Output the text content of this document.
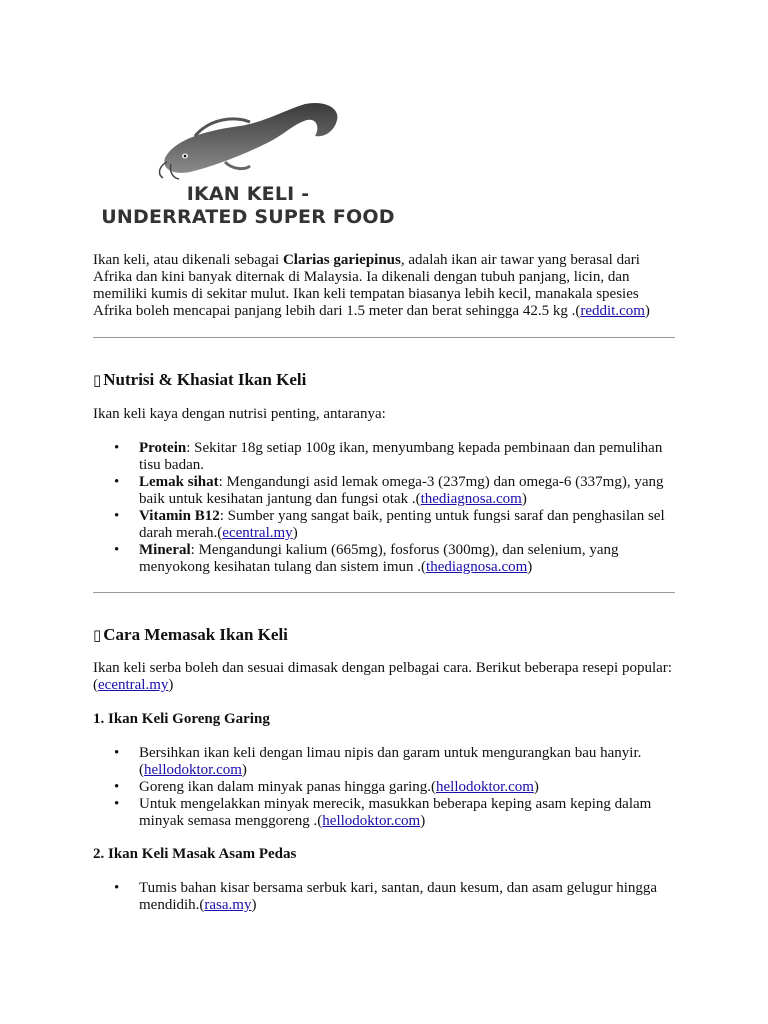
IKAN KELI -
UNDERRATED SUPER FOOD

Ikan keli, atau dikenali sebagai Clarias gariepinus, adalah ikan air tawar yang berasal dari Afrika dan kini banyak diternak di Malaysia. Ia dikenali dengan tubuh panjang, licin, dan memiliki kumis di sekitar mulut. Ikan keli tempatan biasanya lebih kecil, manakala spesies Afrika boleh mencapai panjang lebih dari 1.5 meter dan berat sehingga 42.5 kg .(reddit.com)

▯ Nutrisi & Khasiat Ikan Keli

Ikan keli kaya dengan nutrisi penting, antaranya:

• Protein: Sekitar 18g setiap 100g ikan, menyumbang kepada pembinaan dan pemulihan tisu badan.
• Lemak sihat: Mengandungi asid lemak omega-3 (237mg) dan omega-6 (337mg), yang baik untuk kesihatan jantung dan fungsi otak .(thediagnosa.com)
• Vitamin B12: Sumber yang sangat baik, penting untuk fungsi saraf dan penghasilan sel darah merah.(ecentral.my)
• Mineral: Mengandungi kalium (665mg), fosforus (300mg), dan selenium, yang menyokong kesihatan tulang dan sistem imun .(thediagnosa.com)
▯ Cara Memasak Ikan Keli

Ikan keli serba boleh dan sesuai dimasak dengan pelbagai cara. Berikut beberapa resepi popular:(ecentral.my)

1. Ikan Keli Goreng Garing
• Bersihkan ikan keli dengan limau nipis dan garam untuk mengurangkan bau hanyir. (hellodoktor.com)
• Goreng ikan dalam minyak panas hingga garing.(hellodoktor.com)
• Untuk mengelakkan minyak merecik, masukkan beberapa keping asam keping dalam minyak semasa menggoreng .(hellodoktor.com)
2. Ikan Keli Masak Asam Pedas
• Tumis bahan kisar bersama serbuk kari, santan, daun kesum, dan asam gelugur hingga mendidih.(rasa.my)
